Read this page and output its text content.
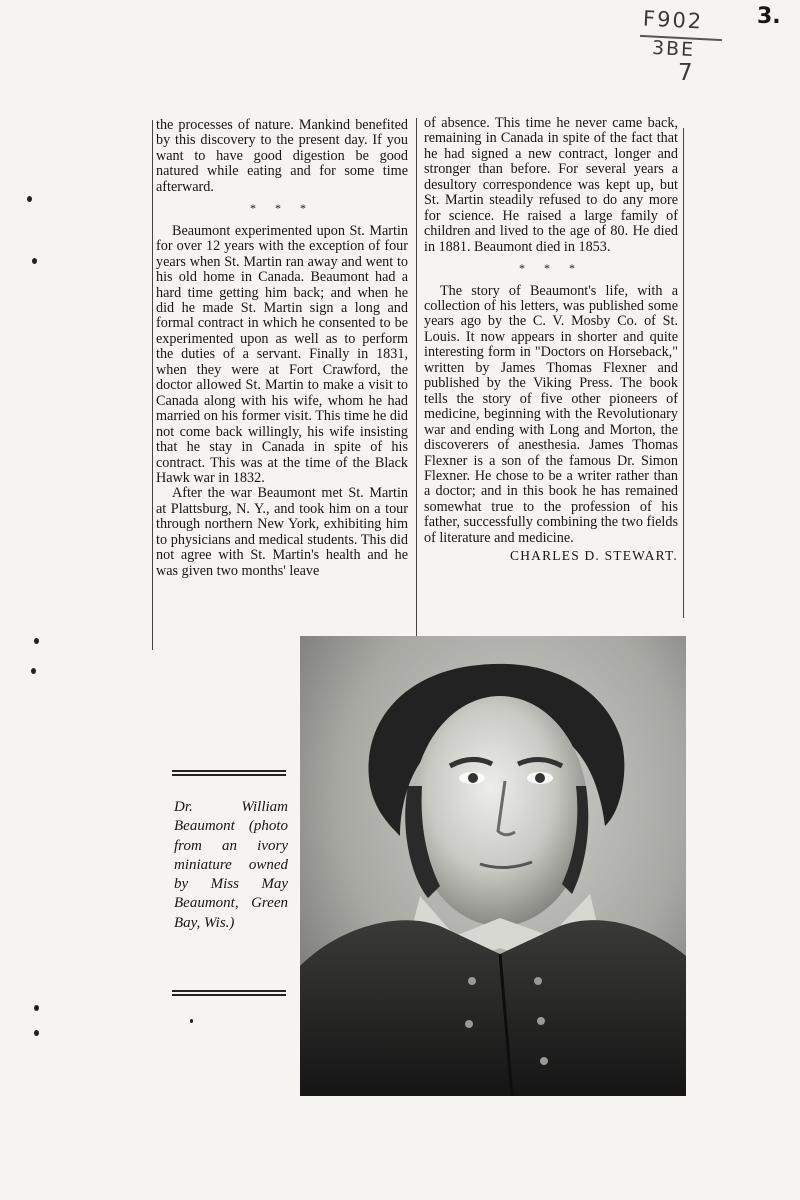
F902
3BE
7
3.

the processes of nature. Mankind benefited by this discovery to the present day. If you want to have good digestion be good natured while eating and for some time afterward.

* * *

Beaumont experimented upon St. Martin for over 12 years with the exception of four years when St. Martin ran away and went to his old home in Canada. Beaumont had a hard time getting him back; and when he did he made St. Martin sign a long and formal contract in which he consented to be experimented upon as well as to perform the duties of a servant. Finally in 1831, when they were at Fort Crawford, the doctor allowed St. Martin to make a visit to Canada along with his wife, whom he had married on his former visit. This time he did not come back willingly, his wife insisting that he stay in Canada in spite of his contract. This was at the time of the Black Hawk war in 1832.

After the war Beaumont met St. Martin at Plattsburg, N. Y., and took him on a tour through northern New York, exhibiting him to physicians and medical students. This did not agree with St. Martin's health and he was given two months' leave

of absence. This time he never came back, remaining in Canada in spite of the fact that he had signed a new contract, longer and stronger than before. For several years a desultory correspondence was kept up, but St. Martin steadily refused to do any more for science. He raised a large family of children and lived to the age of 80. He died in 1881. Beaumont died in 1853.

* * *

The story of Beaumont's life, with a collection of his letters, was published some years ago by the C. V. Mosby Co. of St. Louis. It now appears in shorter and quite interesting form in "Doctors on Horseback," written by James Thomas Flexner and published by the Viking Press. The book tells the story of five other pioneers of medicine, beginning with the Revolutionary war and ending with Long and Morton, the discoverers of anesthesia. James Thomas Flexner is a son of the famous Dr. Simon Flexner. He chose to be a writer rather than a doctor; and in this book he has remained somewhat true to the profession of his father, successfully combining the two fields of literature and medicine.

CHARLES D. STEWART.
Dr. William Beaumont (photo from an ivory miniature owned by Miss May Beaumont, Green Bay, Wis.)
